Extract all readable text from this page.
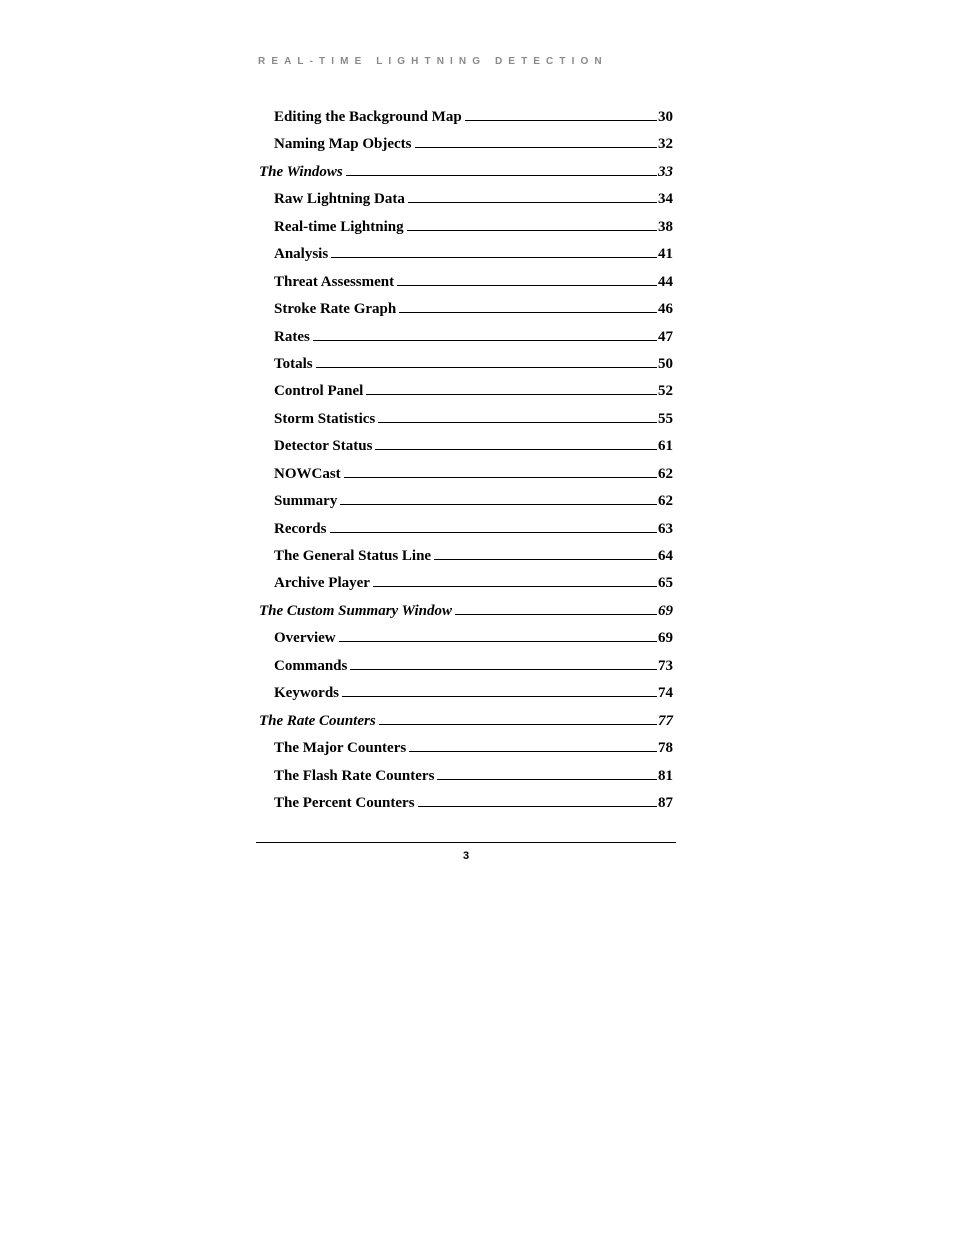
REAL-TIME LIGHTNING DETECTION
Editing the Background Map	30
Naming Map Objects	32
The Windows	33
Raw Lightning Data	34
Real-time Lightning	38
Analysis	41
Threat Assessment	44
Stroke Rate Graph	46
Rates	47
Totals	50
Control Panel	52
Storm Statistics	55
Detector Status	61
NOWCast	62
Summary	62
Records	63
The General Status Line	64
Archive Player	65
The Custom Summary Window	69
Overview	69
Commands	73
Keywords	74
The Rate Counters	77
The Major Counters	78
The Flash Rate Counters	81
The Percent Counters	87
3
